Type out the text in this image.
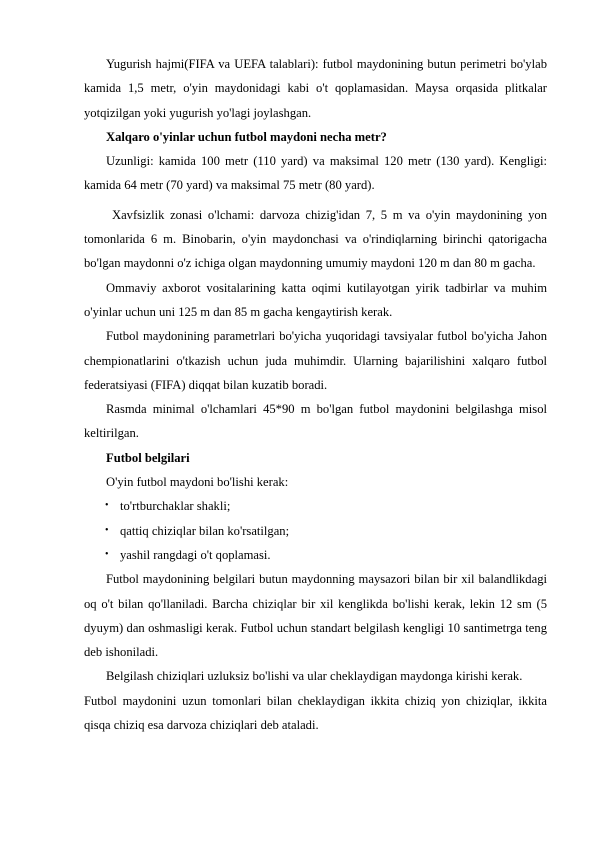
Yugurish hajmi(FIFA va UEFA talablari): futbol maydonining butun perimetri bo'ylab kamida 1,5 metr, o'yin maydonidagi kabi o't qoplamasidan. Maysa orqasida plitkalar yotqizilgan yoki yugurish yo'lagi joylashgan.

Xalqaro o'yinlar uchun futbol maydoni necha metr?

Uzunligi: kamida 100 metr (110 yard) va maksimal 120 metr (130 yard). Kengligi: kamida 64 metr (70 yard) va maksimal 75 metr (80 yard).

Xavfsizlik zonasi o'lchami: darvoza chizig'idan 7, 5 m va o'yin maydonining yon tomonlarida 6 m. Binobarin, o'yin maydonchasi va o'rindiqlarning birinchi qatorigacha bo'lgan maydonni o'z ichiga olgan maydonning umumiy maydoni 120 m dan 80 m gacha.

Ommaviy axborot vositalarining katta oqimi kutilayotgan yirik tadbirlar va muhim o'yinlar uchun uni 125 m dan 85 m gacha kengaytirish kerak.

Futbol maydonining parametrlari bo'yicha yuqoridagi tavsiyalar futbol bo'yicha Jahon chempionatlarini o'tkazish uchun juda muhimdir. Ularning bajarilishini xalqaro futbol federatsiyasi (FIFA) diqqat bilan kuzatib boradi.

Rasmda minimal o'lchamlari 45*90 m bo'lgan futbol maydonini belgilashga misol keltirilgan.

Futbol belgilari

O'yin futbol maydoni bo'lishi kerak:

• to'rtburchaklar shakli;
• qattiq chiziqlar bilan ko'rsatilgan;
• yashil rangdagi o't qoplamasi.

Futbol maydonining belgilari butun maydonning maysazori bilan bir xil balandlikdagi oq o't bilan qo'llaniladi. Barcha chiziqlar bir xil kenglikda bo'lishi kerak, lekin 12 sm (5 dyuym) dan oshmasligi kerak. Futbol uchun standart belgilash kengligi 10 santimetrga teng deb ishoniladi.

Belgilash chiziqlari uzluksiz bo'lishi va ular cheklaydigan maydonga kirishi kerak.

Futbol maydonini uzun tomonlari bilan cheklaydigan ikkita chiziq yon chiziqlar, ikkita qisqa chiziq esa darvoza chiziqlari deb ataladi.
